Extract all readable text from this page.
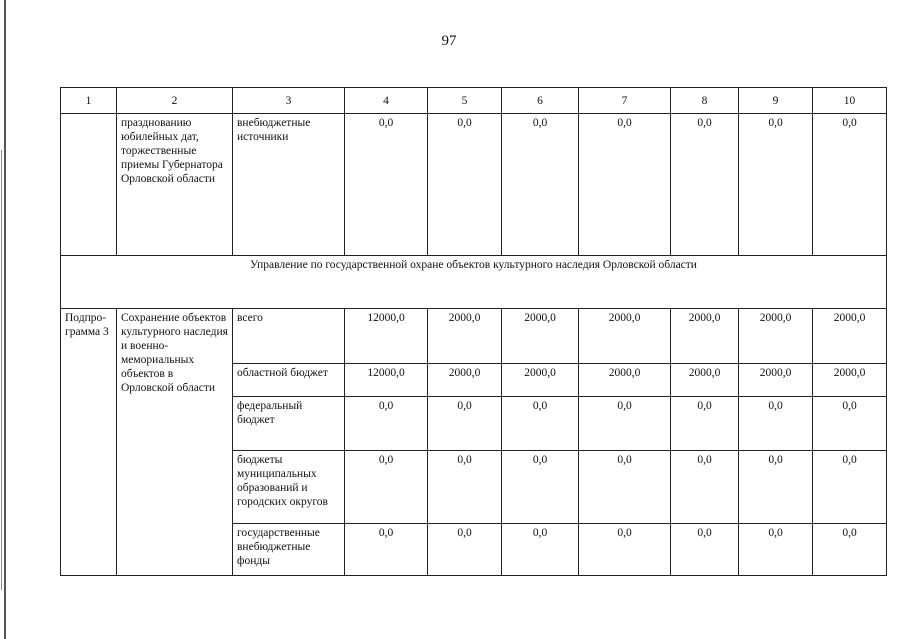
97
1	2	3	4	5	6	7	8	9	10
	празднованию юбилейных дат, торжественные приемы Губернатора Орловской области	внебюджетные источники	0,0	0,0	0,0	0,0	0,0	0,0	0,0
Управление по государственной охране объектов культурного наследия Орловской области									
Подпро-грамма 3	Сохранение объектов культурного наследия и военно-мемориальных объектов в Орловской области	всего	12000,0	2000,0	2000,0	2000,0	2000,0	2000,0	2000,0
		областной бюджет	12000,0	2000,0	2000,0	2000,0	2000,0	2000,0	2000,0
		федеральный бюджет	0,0	0,0	0,0	0,0	0,0	0,0	0,0
		бюджеты муниципальных образований и городских округов	0,0	0,0	0,0	0,0	0,0	0,0	0,0
		государственные внебюджетные фонды	0,0	0,0	0,0	0,0	0,0	0,0	0,0
